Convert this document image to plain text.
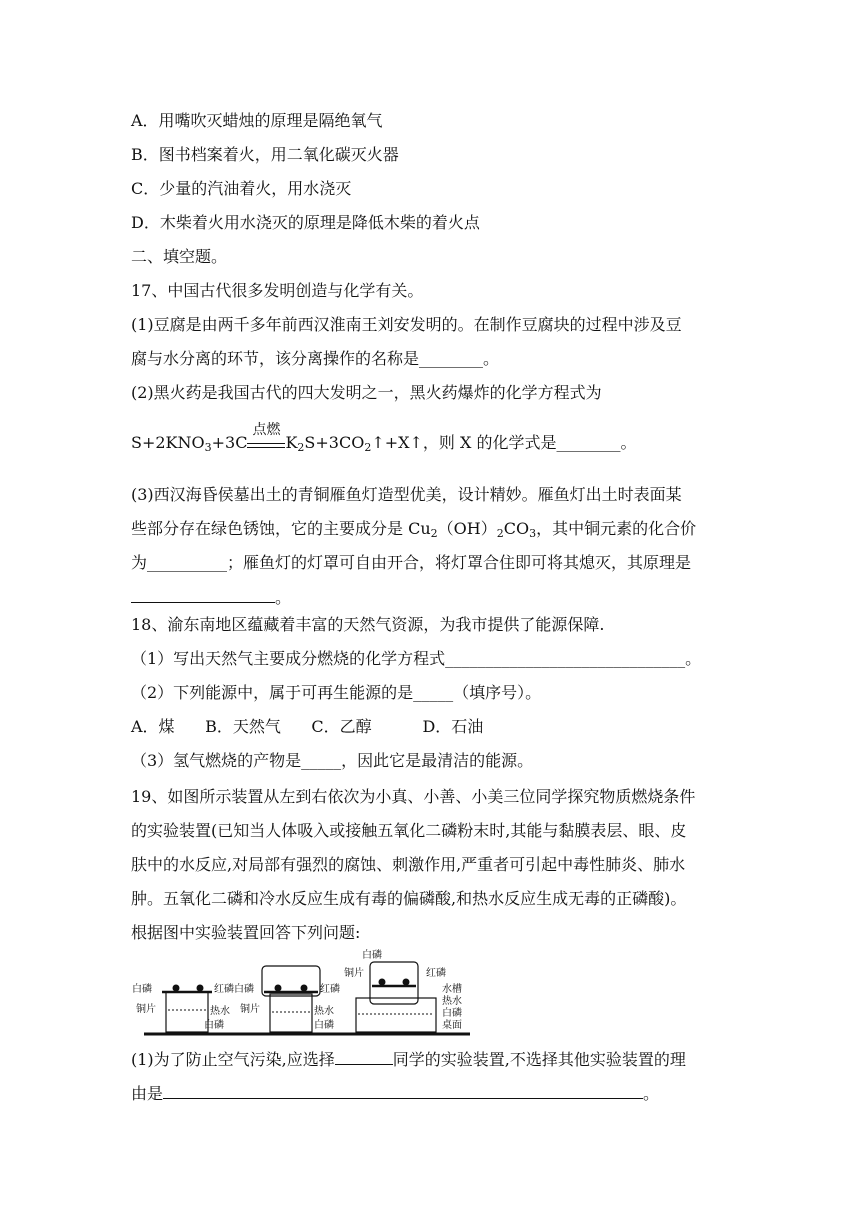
A．用嘴吹灭蜡烛的原理是隔绝氧气
B．图书档案着火，用二氧化碳灭火器
C．少量的汽油着火，用水浇灭
D．木柴着火用水浇灭的原理是降低木柴的着火点
二、填空题。
17、中国古代很多发明创造与化学有关。
(1)豆腐是由两千多年前西汉淮南王刘安发明的。在制作豆腐块的过程中涉及豆
腐与水分离的环节，该分离操作的名称是________。
(2)黑火药是我国古代的四大发明之一，黑火药爆炸的化学方程式为
$S+2KNO_3+3C$
点燃
$K_2S+3CO_2↑+X↑$，则 X 的化学式是________。
(3)西汉海昏侯墓出土的青铜雁鱼灯造型优美，设计精妙。雁鱼灯出土时表面某
些部分存在绿色锈蚀，它的主要成分是 $Cu_2(OH)_2CO_3$，其中铜元素的化合价
为__________；雁鱼灯的灯罩可自由开合，将灯罩合住即可将其熄灭，其原理是
。
18、渝东南地区蕴藏着丰富的天然气资源，为我市提供了能源保障.
（1）写出天然气主要成分燃烧的化学方程式______________________________。
（2）下列能源中，属于可再生能源的是_____（填序号）。
A．煤      B．天然气      C．乙醇          D．石油
（3）氢气燃烧的产物是_____，因此它是最清洁的能源。
19、如图所示装置从左到右依次为小真、小善、小美三位同学探究物质燃烧条件
的实验装置(已知当人体吸入或接触五氧化二磷粉末时,其能与黏膜表层、眼、皮
肤中的水反应,对局部有强烈的腐蚀、刺激作用,严重者可引起中毒性肺炎、肺水
肿。五氧化二磷和冷水反应生成有毒的偏磷酸,和热水反应生成无毒的正磷酸)。
根据图中实验装置回答下列问题:
白磷	红磷
铜片	热水
白磷
白磷	红磷
铜片	热水
白磷
白磷
铜片	红磷
水槽
热水
白磷
桌面
(1)为了防止空气污染,应选择	同学的实验装置,不选择其他实验装置的理
由是	。
